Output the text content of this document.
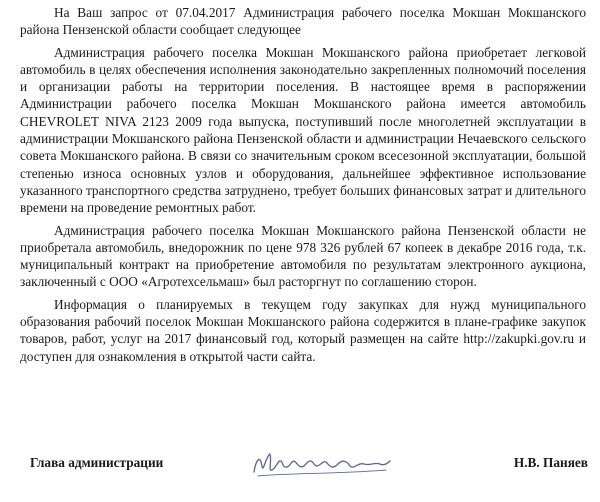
На Ваш запрос от 07.04.2017 Администрация рабочего поселка Мокшан Мокшанского района Пензенской области сообщает следующее

Администрация рабочего поселка Мокшан Мокшанского района приобретает легковой автомобиль в целях обеспечения исполнения законодательно закрепленных полномочий поселения и организации работы на территории поселения. В настоящее время в распоряжении Администрации рабочего поселка Мокшан Мокшанского района имеется автомобиль CHEVROLET NIVA 2123 2009 года выпуска, поступивший после многолетней эксплуатации в администрации Мокшанского района Пензенской области и администрации Нечаевского сельского совета Мокшанского района. В связи со значительным сроком всесезонной эксплуатации, большой степенью износа основных узлов и оборудования, дальнейшее эффективное использование указанного транспортного средства затруднено, требует больших финансовых затрат и длительного времени на проведение ремонтных работ.

Администрация рабочего поселка Мокшан Мокшанского района Пензенской области не приобретала автомобиль, внедорожник по цене 978 326 рублей 67 копеек в декабре 2016 года, т.к. муниципальный контракт на приобретение автомобиля по результатам электронного аукциона, заключенный с ООО «Агротехсельмаш» был расторгнут по соглашению сторон.

Информация о планируемых в текущем году закупках для нужд муниципального образования рабочий поселок Мокшан Мокшанского района содержится в плане-графике закупок товаров, работ, услуг на 2017 финансовый год, который размещен на сайте http://zakupki.gov.ru и доступен для ознакомления в открытой части сайта.

Глава администрации	Н.В. Паняев
